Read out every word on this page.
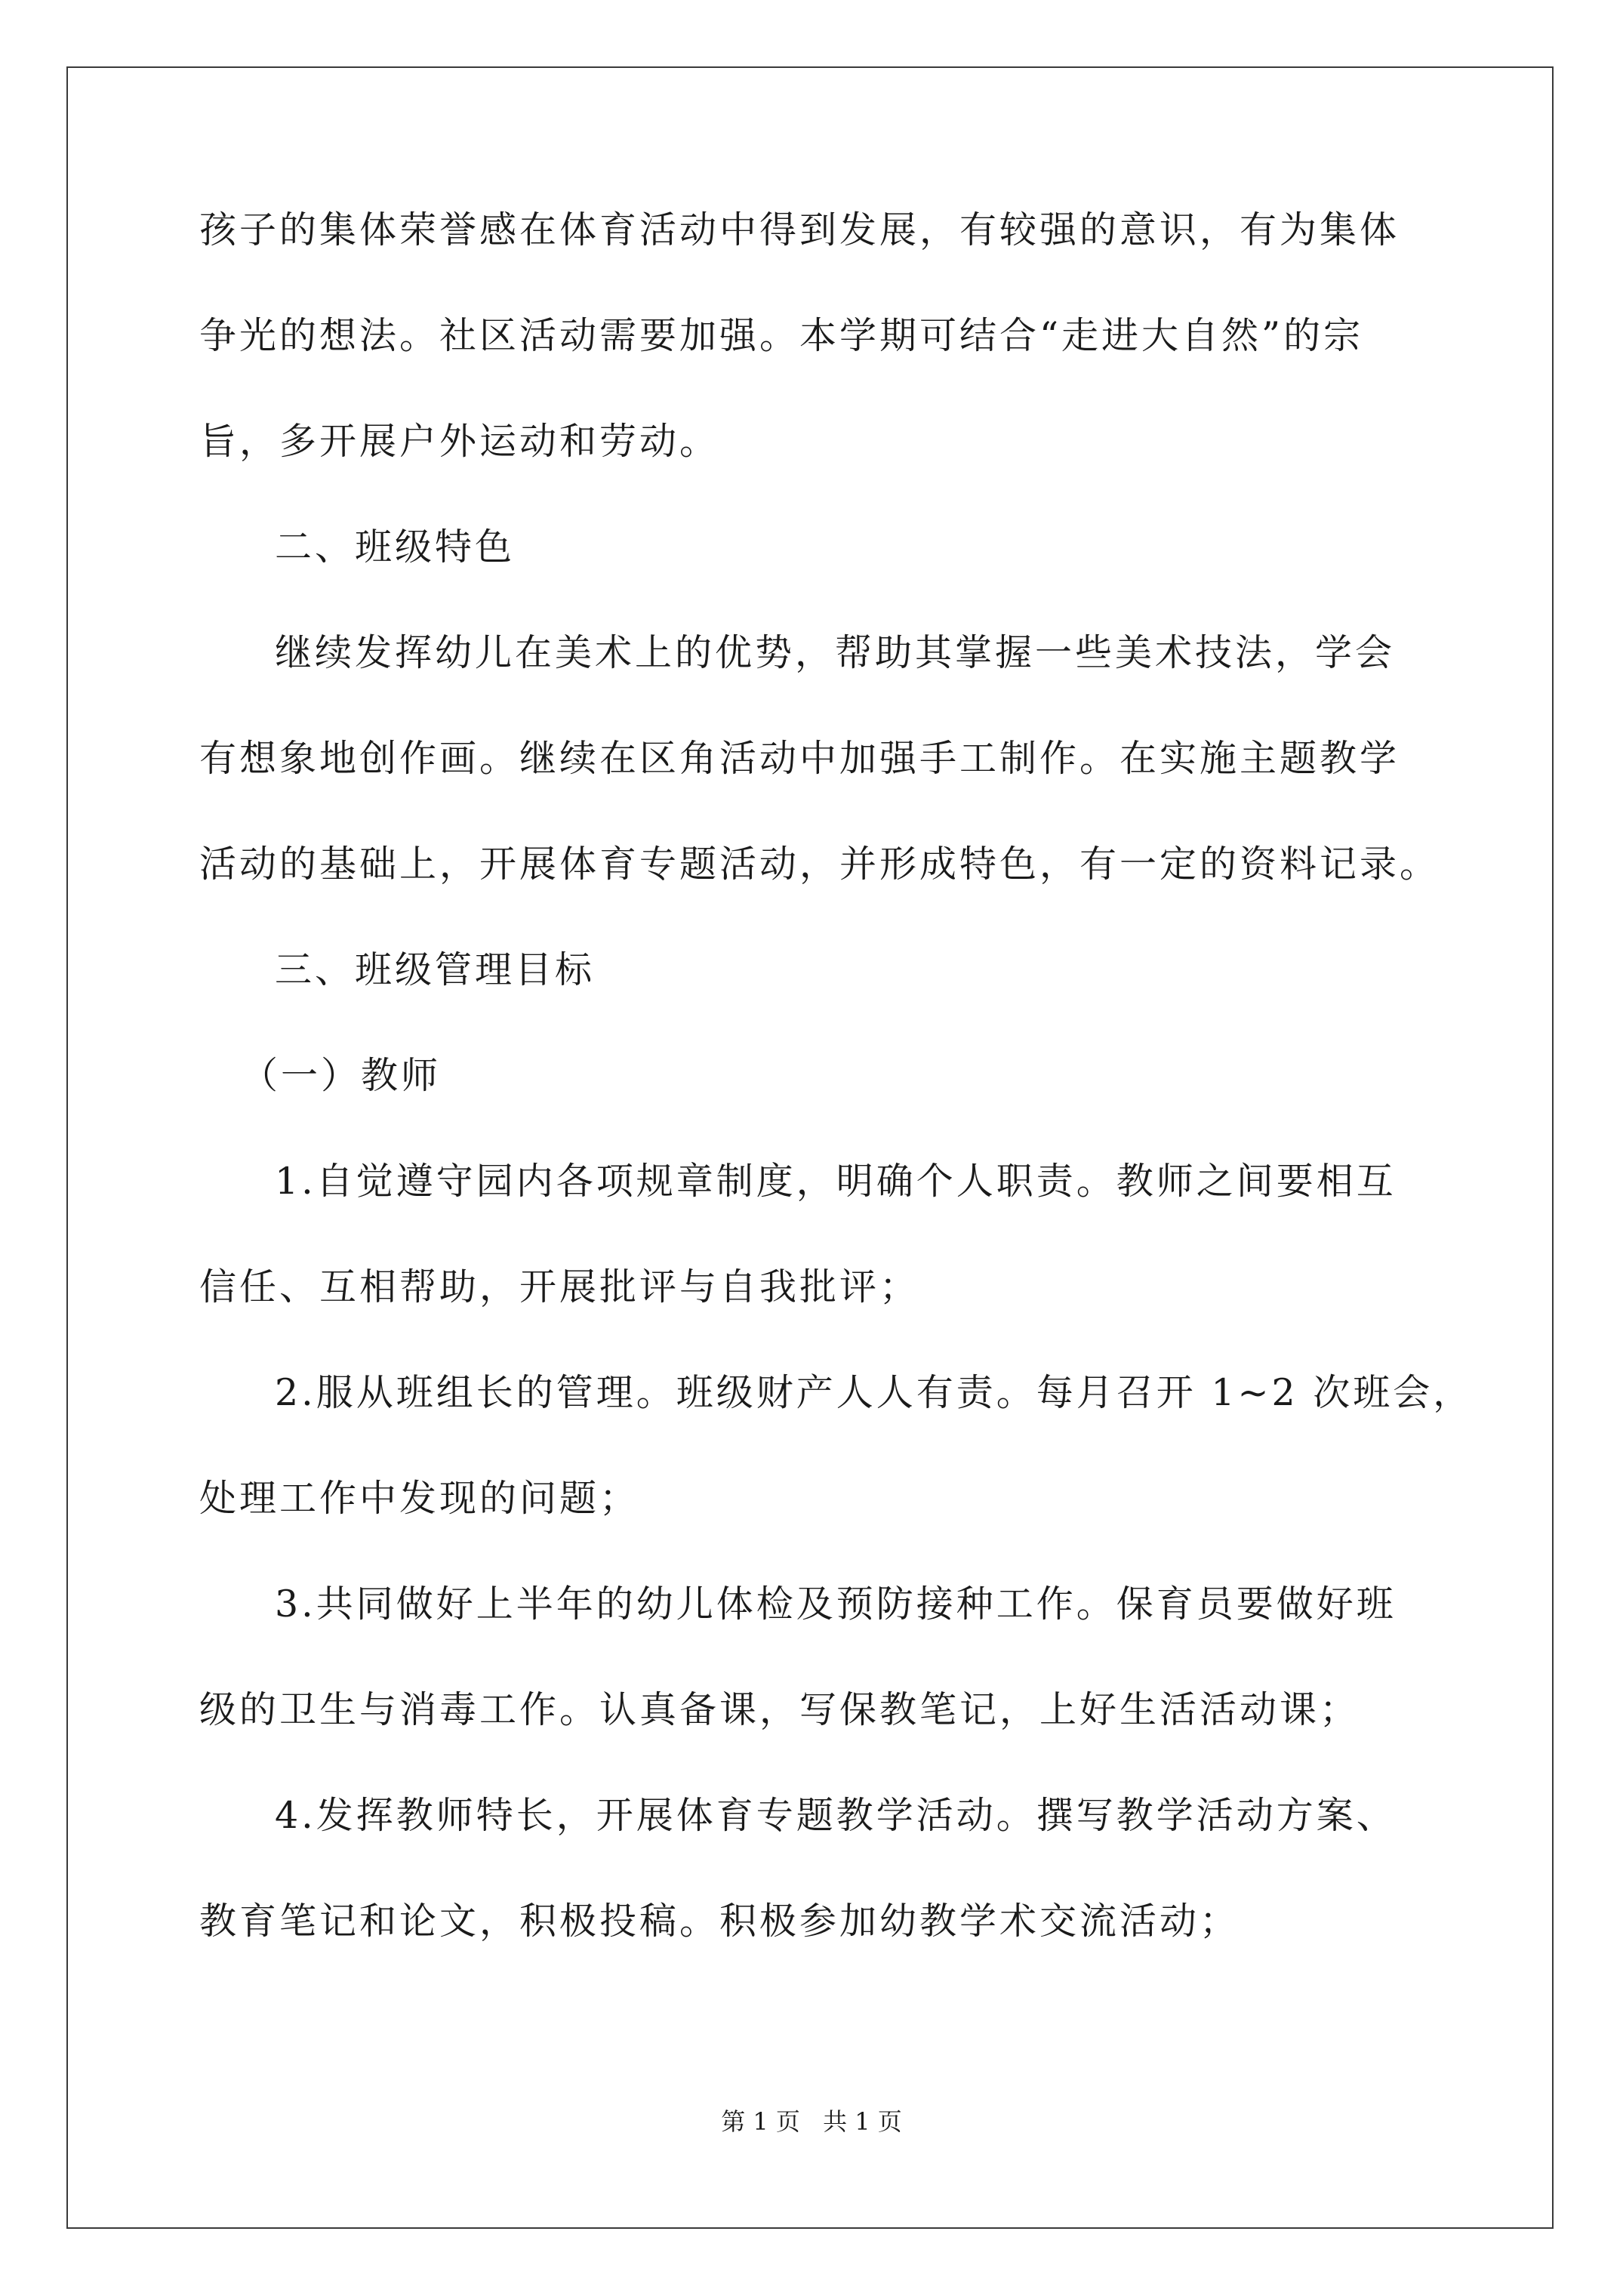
孩子的集体荣誉感在体育活动中得到发展，有较强的意识，有为集体
争光的想法。社区活动需要加强。本学期可结合“走进大自然”的宗
旨，多开展户外运动和劳动。
二、班级特色
继续发挥幼儿在美术上的优势，帮助其掌握一些美术技法，学会
有想象地创作画。继续在区角活动中加强手工制作。在实施主题教学
活动的基础上，开展体育专题活动，并形成特色，有一定的资料记录。
三、班级管理目标
（一）教师
1.自觉遵守园内各项规章制度，明确个人职责。教师之间要相互
信任、互相帮助，开展批评与自我批评；
2.服从班组长的管理。班级财产人人有责。每月召开 1~2 次班会，
处理工作中发现的问题；
3.共同做好上半年的幼儿体检及预防接种工作。保育员要做好班
级的卫生与消毒工作。认真备课，写保教笔记，上好生活活动课；
4.发挥教师特长，开展体育专题教学活动。撰写教学活动方案、
教育笔记和论文，积极投稿。积极参加幼教学术交流活动；
第 1 页 共 1 页
